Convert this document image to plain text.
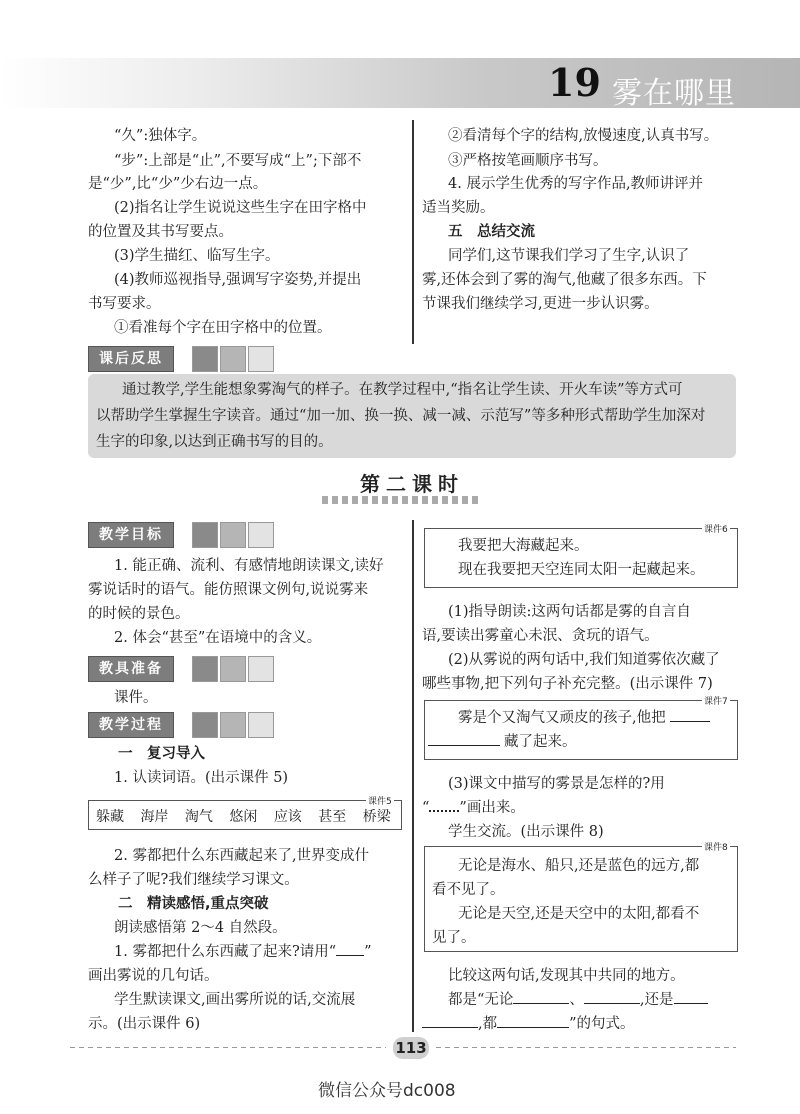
19 雾在哪里

“久”:独体字。

“步”:上部是“止”,不要写成“上”;下部不

是“少”,比“少”少右边一点。

(2)指名让学生说说这些生字在田字格中

的位置及其书写要点。

(3)学生描红、临写生字。

(4)教师巡视指导,强调写字姿势,并提出

书写要求。

①看准每个字在田字格中的位置。

②看清每个字的结构,放慢速度,认真书写。

③严格按笔画顺序书写。

4. 展示学生优秀的写字作品,教师讲评并

适当奖励。

五　总结交流

同学们,这节课我们学习了生字,认识了

雾,还体会到了雾的淘气,他藏了很多东西。下

节课我们继续学习,更进一步认识雾。

课后反思

通过教学,学生能想象雾淘气的样子。在教学过程中,“指名让学生读、开火车读”等方式可

以帮助学生掌握生字读音。通过“加一加、换一换、减一减、示范写”等多种形式帮助学生加深对

生字的印象,以达到正确书写的目的。

第二课时
教学目标

1. 能正确、流利、有感情地朗读课文,读好

雾说话时的语气。能仿照课文例句,说说雾来

的时候的景色。

2. 体会“甚至”在语境中的含义。

教具准备

课件。

教学过程

一　复习导入

1. 认读词语。(出示课件 5)

课件5
躲藏 海岸 淘气 悠闲 应该 甚至 桥梁

2. 雾都把什么东西藏起来了,世界变成什

么样子了呢?我们继续学习课文。

二　精读感悟,重点突破

朗读感悟第 2～4 自然段。

1. 雾都把什么东西藏了起来?请用“ ”

画出雾说的几句话。

学生默读课文,画出雾所说的话,交流展

示。(出示课件 6)

课件6

我要把大海藏起来。

现在我要把天空连同太阳一起藏起来。

(1)指导朗读:这两句话都是雾的自言自

语,要读出雾童心未泯、贪玩的语气。

(2)从雾说的两句话中,我们知道雾依次藏了

哪些事物,把下列句子补充完整。(出示课件 7)

课件7

雾是个又淘气又顽皮的孩子,他把

藏了起来。

(3)课文中描写的雾景是怎样的?用

“ ”画出来。

学生交流。(出示课件 8)

课件8

无论是海水、船只,还是蓝色的远方,都

看不见了。

无论是天空,还是天空中的太阳,都看不

见了。

比较这两句话,发现其中共同的地方。

都是“无论	、	,还是

,都	”的句式。

113
微信公众号dc008
